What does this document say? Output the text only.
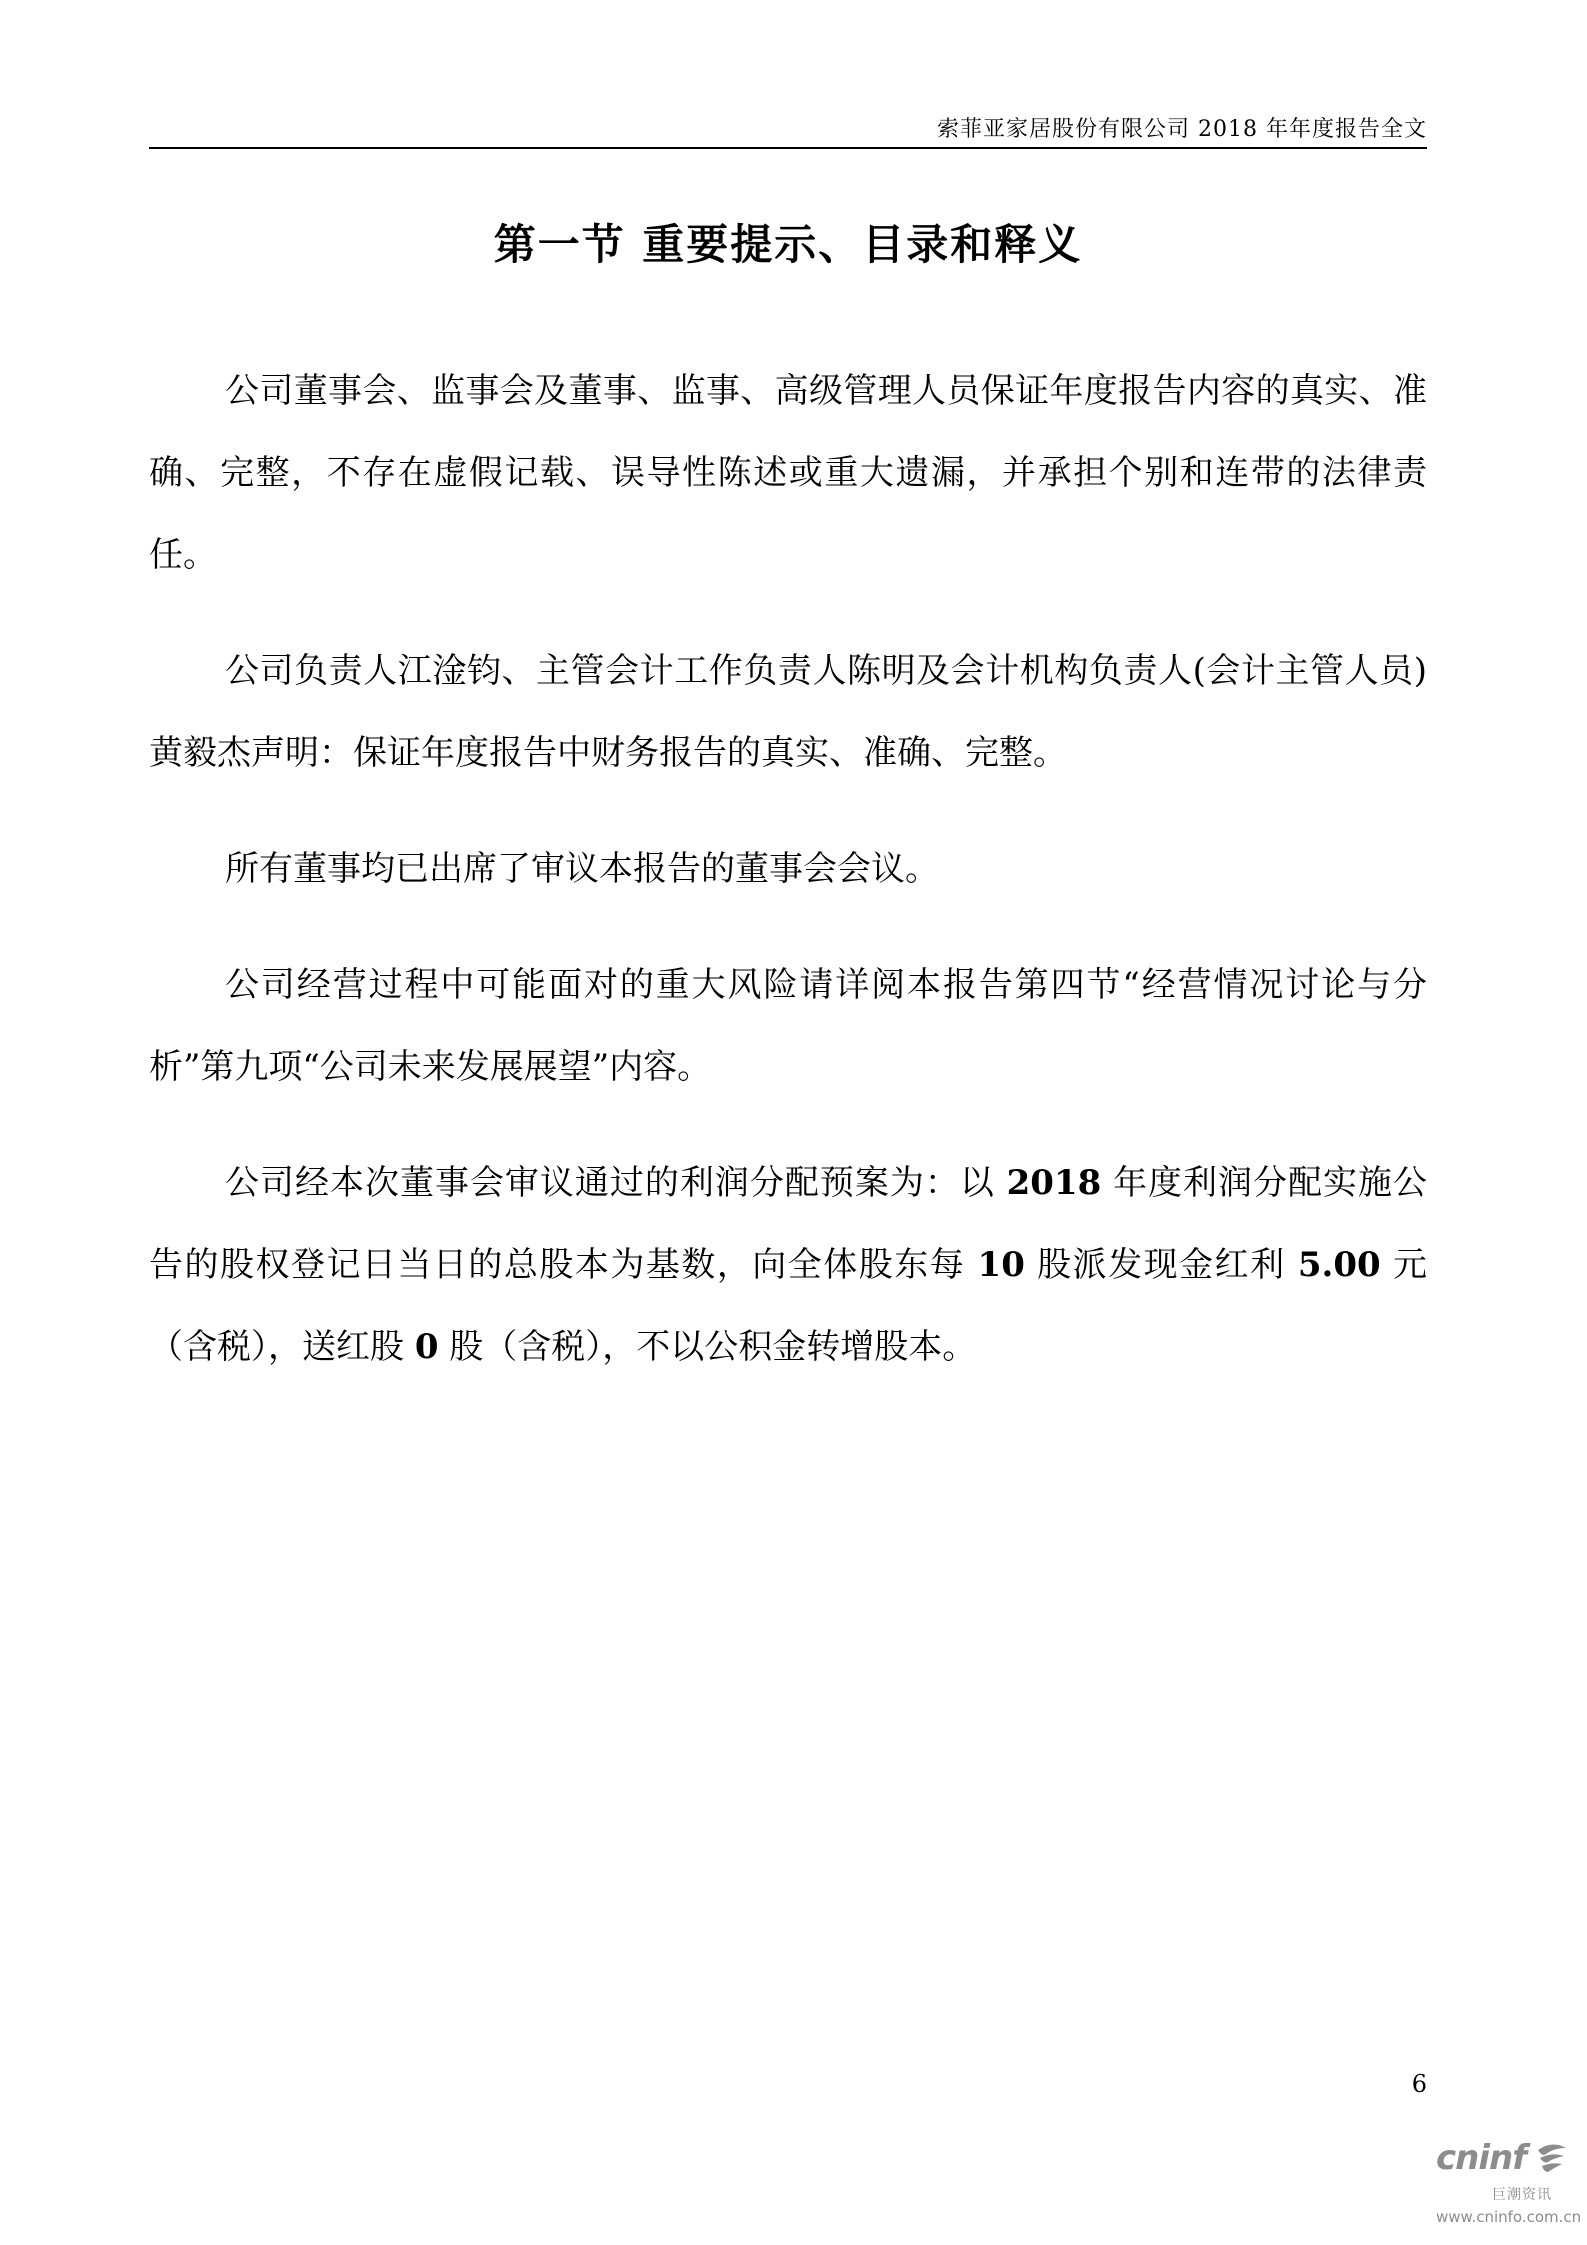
索菲亚家居股份有限公司 2018 年年度报告全文
第一节 重要提示、目录和释义

公司董事会、监事会及董事、监事、高级管理人员保证年度报告内容的真实、准确、完整，不存在虚假记载、误导性陈述或重大遗漏，并承担个别和连带的法律责任。

公司负责人江淦钧、主管会计工作负责人陈明及会计机构负责人(会计主管人员)黄毅杰声明：保证年度报告中财务报告的真实、准确、完整。

所有董事均已出席了审议本报告的董事会会议。

公司经营过程中可能面对的重大风险请详阅本报告第四节“经营情况讨论与分析”第九项“公司未来发展展望”内容。

公司经本次董事会审议通过的利润分配预案为：以 2018 年度利润分配实施公告的股权登记日当日的总股本为基数，向全体股东每 10 股派发现金红利 5.00 元（含税），送红股 0 股（含税），不以公积金转增股本。

6
cninf
巨潮资讯
www.cninfo.com.cn
